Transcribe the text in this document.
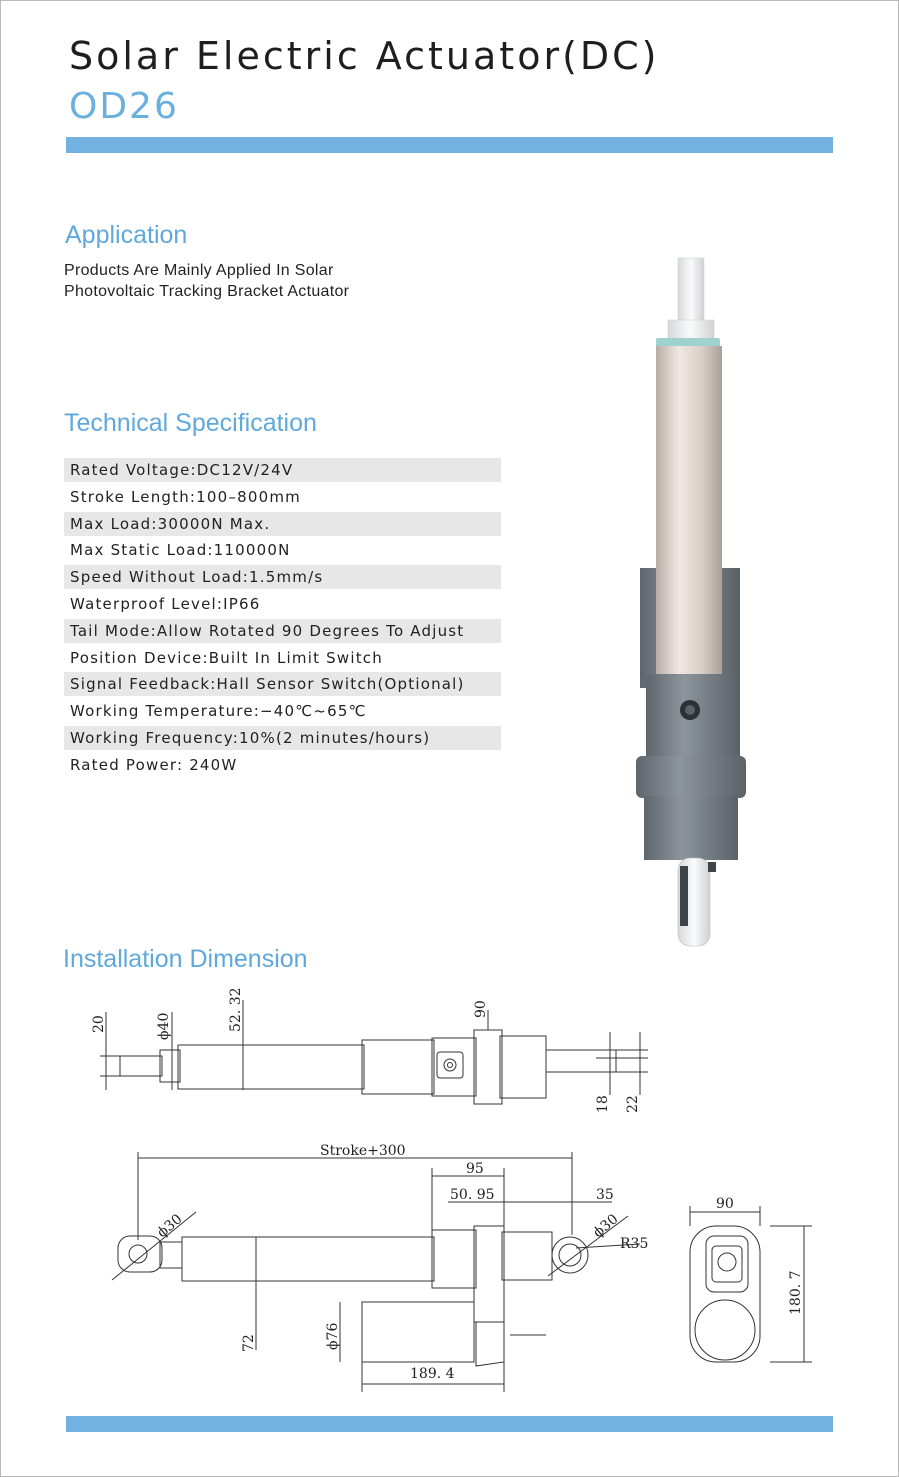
Solar Electric Actuator(DC)
OD26
Application
Products Are Mainly Applied In Solar
Photovoltaic Tracking Bracket Actuator
Technical Specification
Rated Voltage:DC12V/24V
Stroke Length:100–800mm
Max Load:30000N Max.
Max Static Load:110000N
Speed Without Load:1.5mm/s
Waterproof Level:IP66
Tail Mode:Allow Rotated 90 Degrees To Adjust
Position Device:Built In Limit Switch
Signal Feedback:Hall Sensor Switch(Optional)
Working Temperature:−40℃~65℃
Working Frequency:10%(2 minutes/hours)
Rated Power: 240W
Installation Dimension
20	ϕ40	52. 32	90
18 22
Stroke+300
95
50. 95	35
ϕ30	ϕ30
R35
72	ϕ76
189. 4
90
180. 7
